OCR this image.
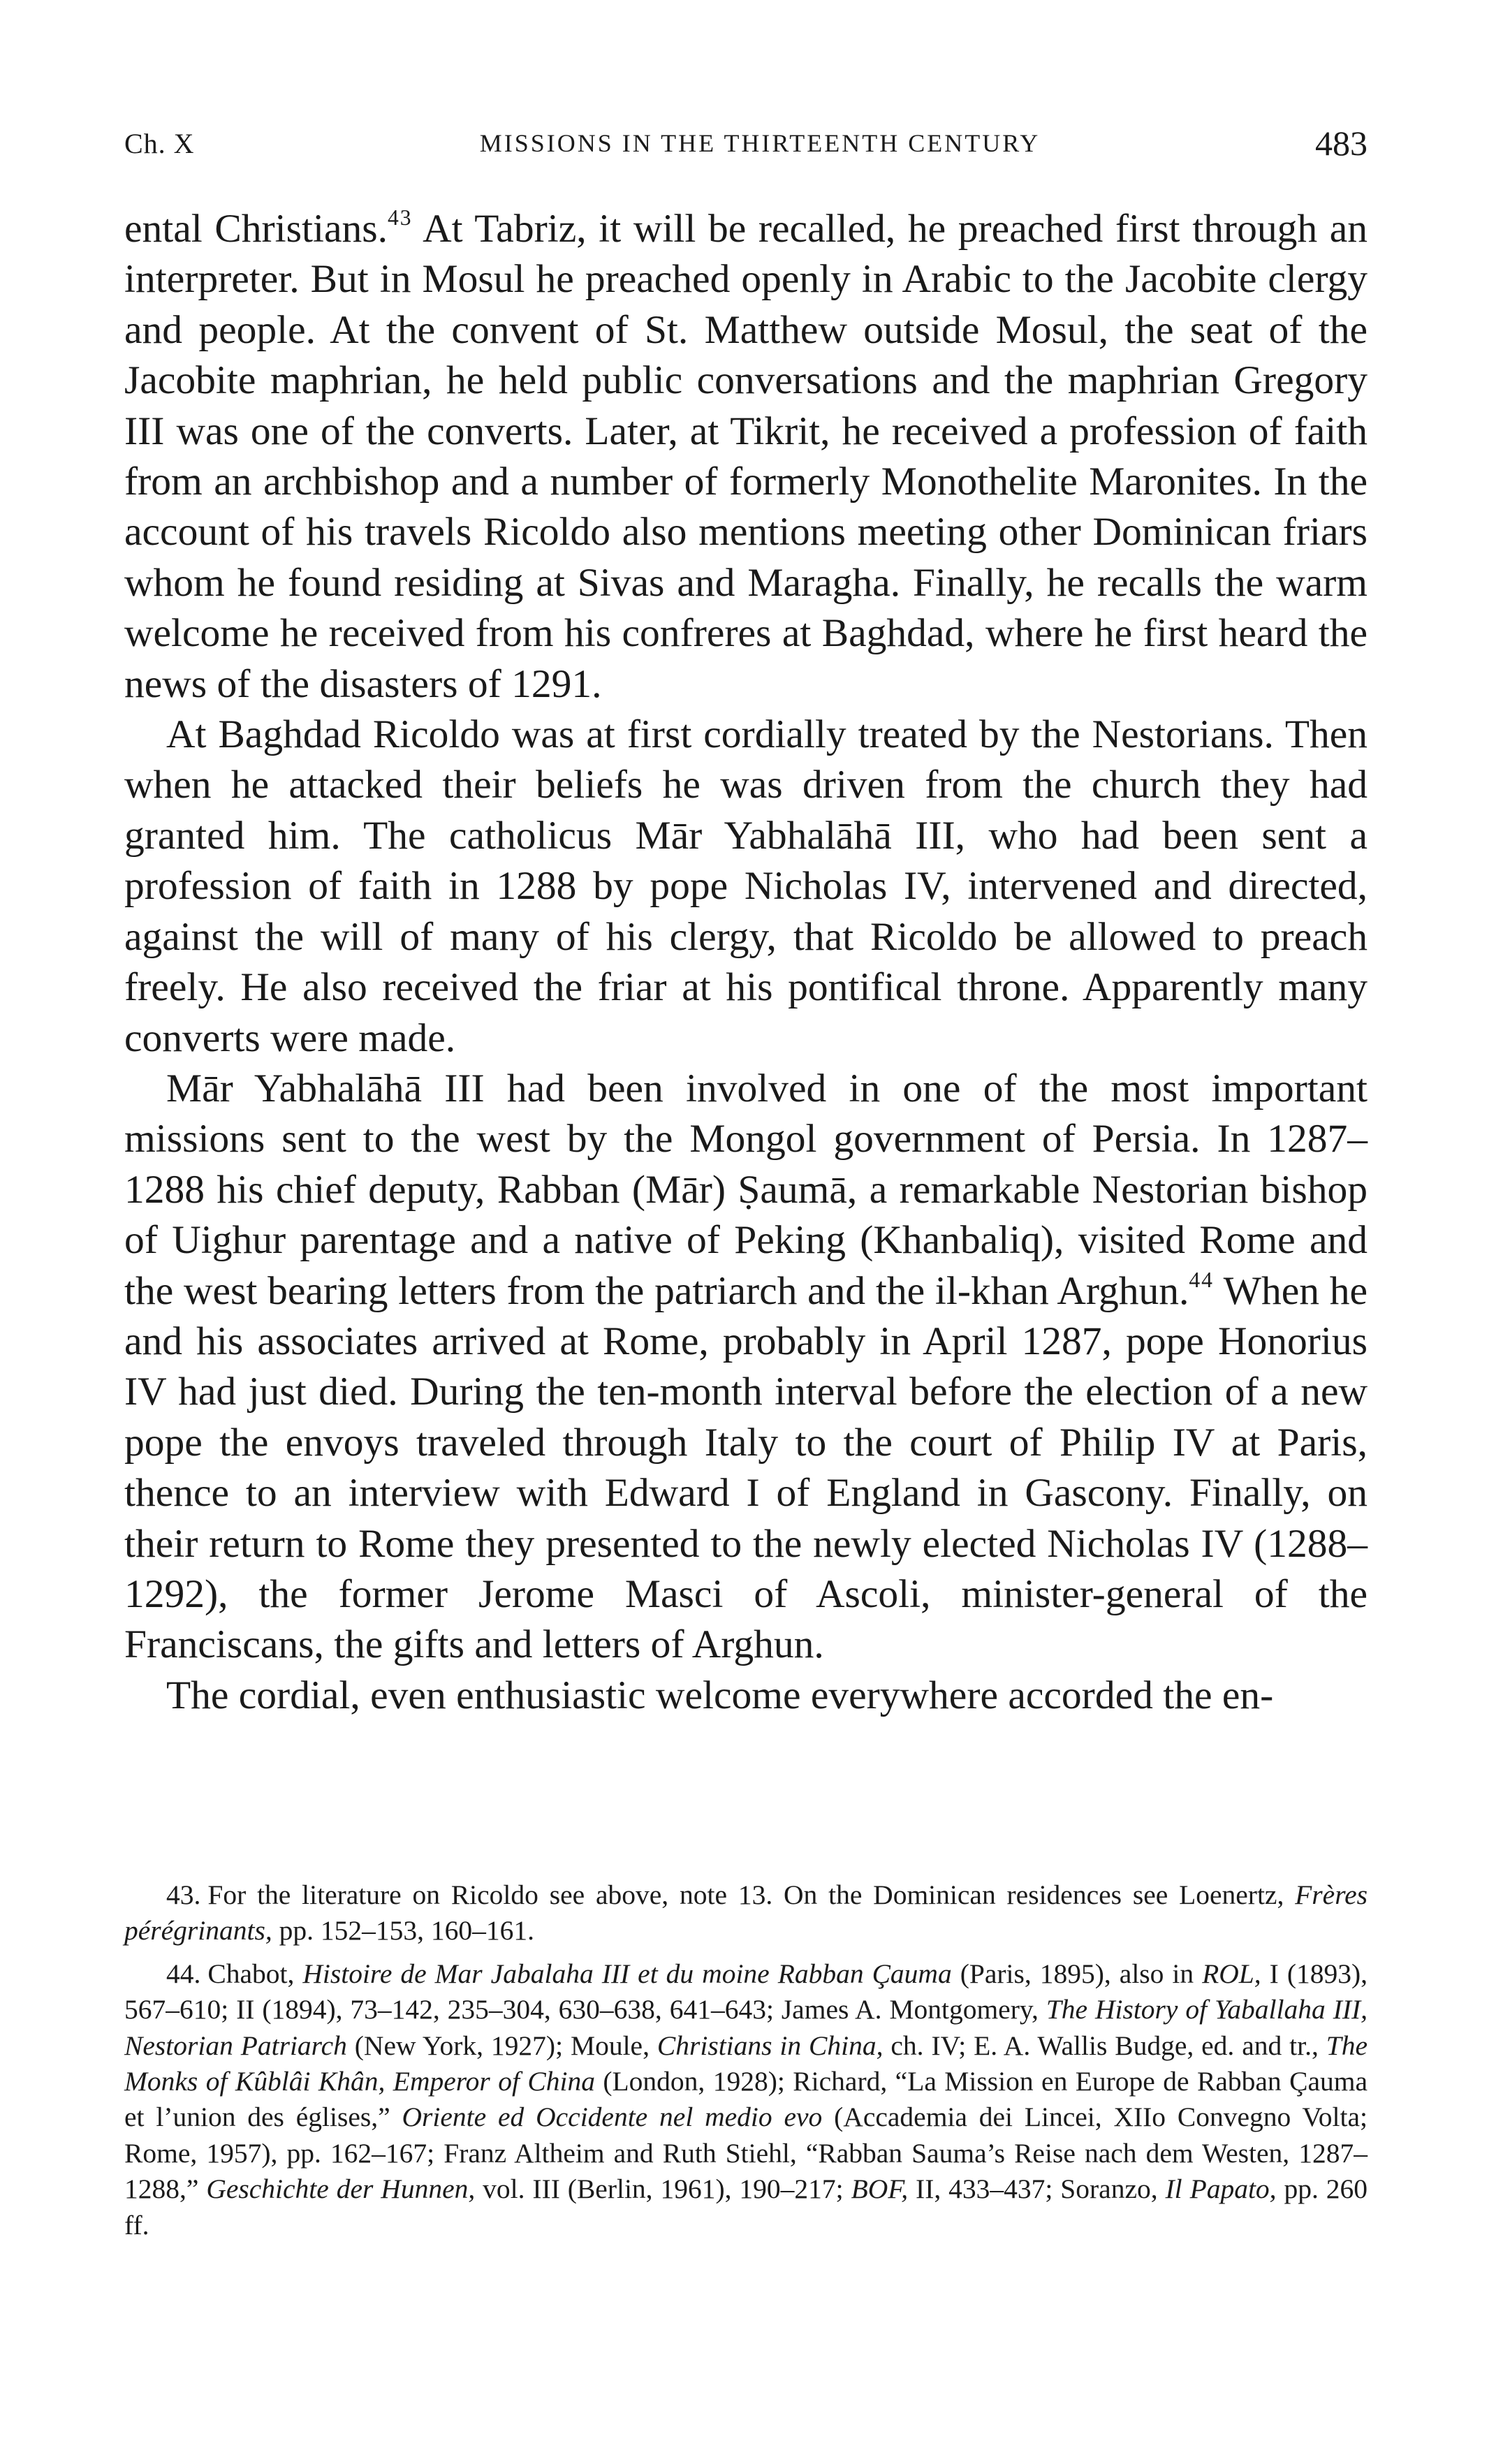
Ch. X	MISSIONS IN THE THIRTEENTH CENTURY	483

ental Christians.$^{43}$ At Tabriz, it will be recalled, he preached first through an interpreter. But in Mosul he preached openly in Arabic to the Jacobite clergy and people. At the convent of St. Matthew outside Mosul, the seat of the Jacobite maphrian, he held public conversations and the maphrian Gregory III was one of the converts. Later, at Tikrit, he received a profession of faith from an archbishop and a number of formerly Monothelite Maronites. In the account of his travels Ricoldo also mentions meeting other Dominican friars whom he found residing at Sivas and Maragha. Finally, he recalls the warm welcome he received from his confreres at Baghdad, where he first heard the news of the disasters of 1291.

At Baghdad Ricoldo was at first cordially treated by the Nestorians. Then when he attacked their beliefs he was driven from the church they had granted him. The catholicus Mār Yabhalāhā III, who had been sent a profession of faith in 1288 by pope Nicholas IV, intervened and directed, against the will of many of his clergy, that Ricoldo be allowed to preach freely. He also received the friar at his pontifical throne. Apparently many converts were made.

Mār Yabhalāhā III had been involved in one of the most important missions sent to the west by the Mongol government of Persia. In 1287–1288 his chief deputy, Rabban (Mār) Ṣaumā, a remarkable Nestorian bishop of Uighur parentage and a native of Peking (Khanbaliq), visited Rome and the west bearing letters from the patriarch and the il-khan Arghun.$^{44}$ When he and his associates arrived at Rome, probably in April 1287, pope Honorius IV had just died. During the ten-month interval before the election of a new pope the envoys traveled through Italy to the court of Philip IV at Paris, thence to an interview with Edward I of England in Gascony. Finally, on their return to Rome they presented to the newly elected Nicholas IV (1288–1292), the former Jerome Masci of Ascoli, minister-general of the Franciscans, the gifts and letters of Arghun.

The cordial, even enthusiastic welcome everywhere accorded the en-

43. For the literature on Ricoldo see above, note 13. On the Dominican residences see Loenertz, Frères pérégrinants, pp. 152–153, 160–161.

44. Chabot, Histoire de Mar Jabalaha III et du moine Rabban Çauma (Paris, 1895), also in ROL, I (1893), 567–610; II (1894), 73–142, 235–304, 630–638, 641–643; James A. Montgomery, The History of Yaballaha III, Nestorian Patriarch (New York, 1927); Moule, Christians in China, ch. IV; E. A. Wallis Budge, ed. and tr., The Monks of Kûblâi Khân, Emperor of China (London, 1928); Richard, “La Mission en Europe de Rabban Çauma et l’union des églises,” Oriente ed Occidente nel medio evo (Accademia dei Lincei, XIIo Convegno Volta; Rome, 1957), pp. 162–167; Franz Altheim and Ruth Stiehl, “Rabban Sauma’s Reise nach dem Westen, 1287–1288,” Geschichte der Hunnen, vol. III (Berlin, 1961), 190–217; BOF, II, 433–437; Soranzo, Il Papato, pp. 260 ff.
